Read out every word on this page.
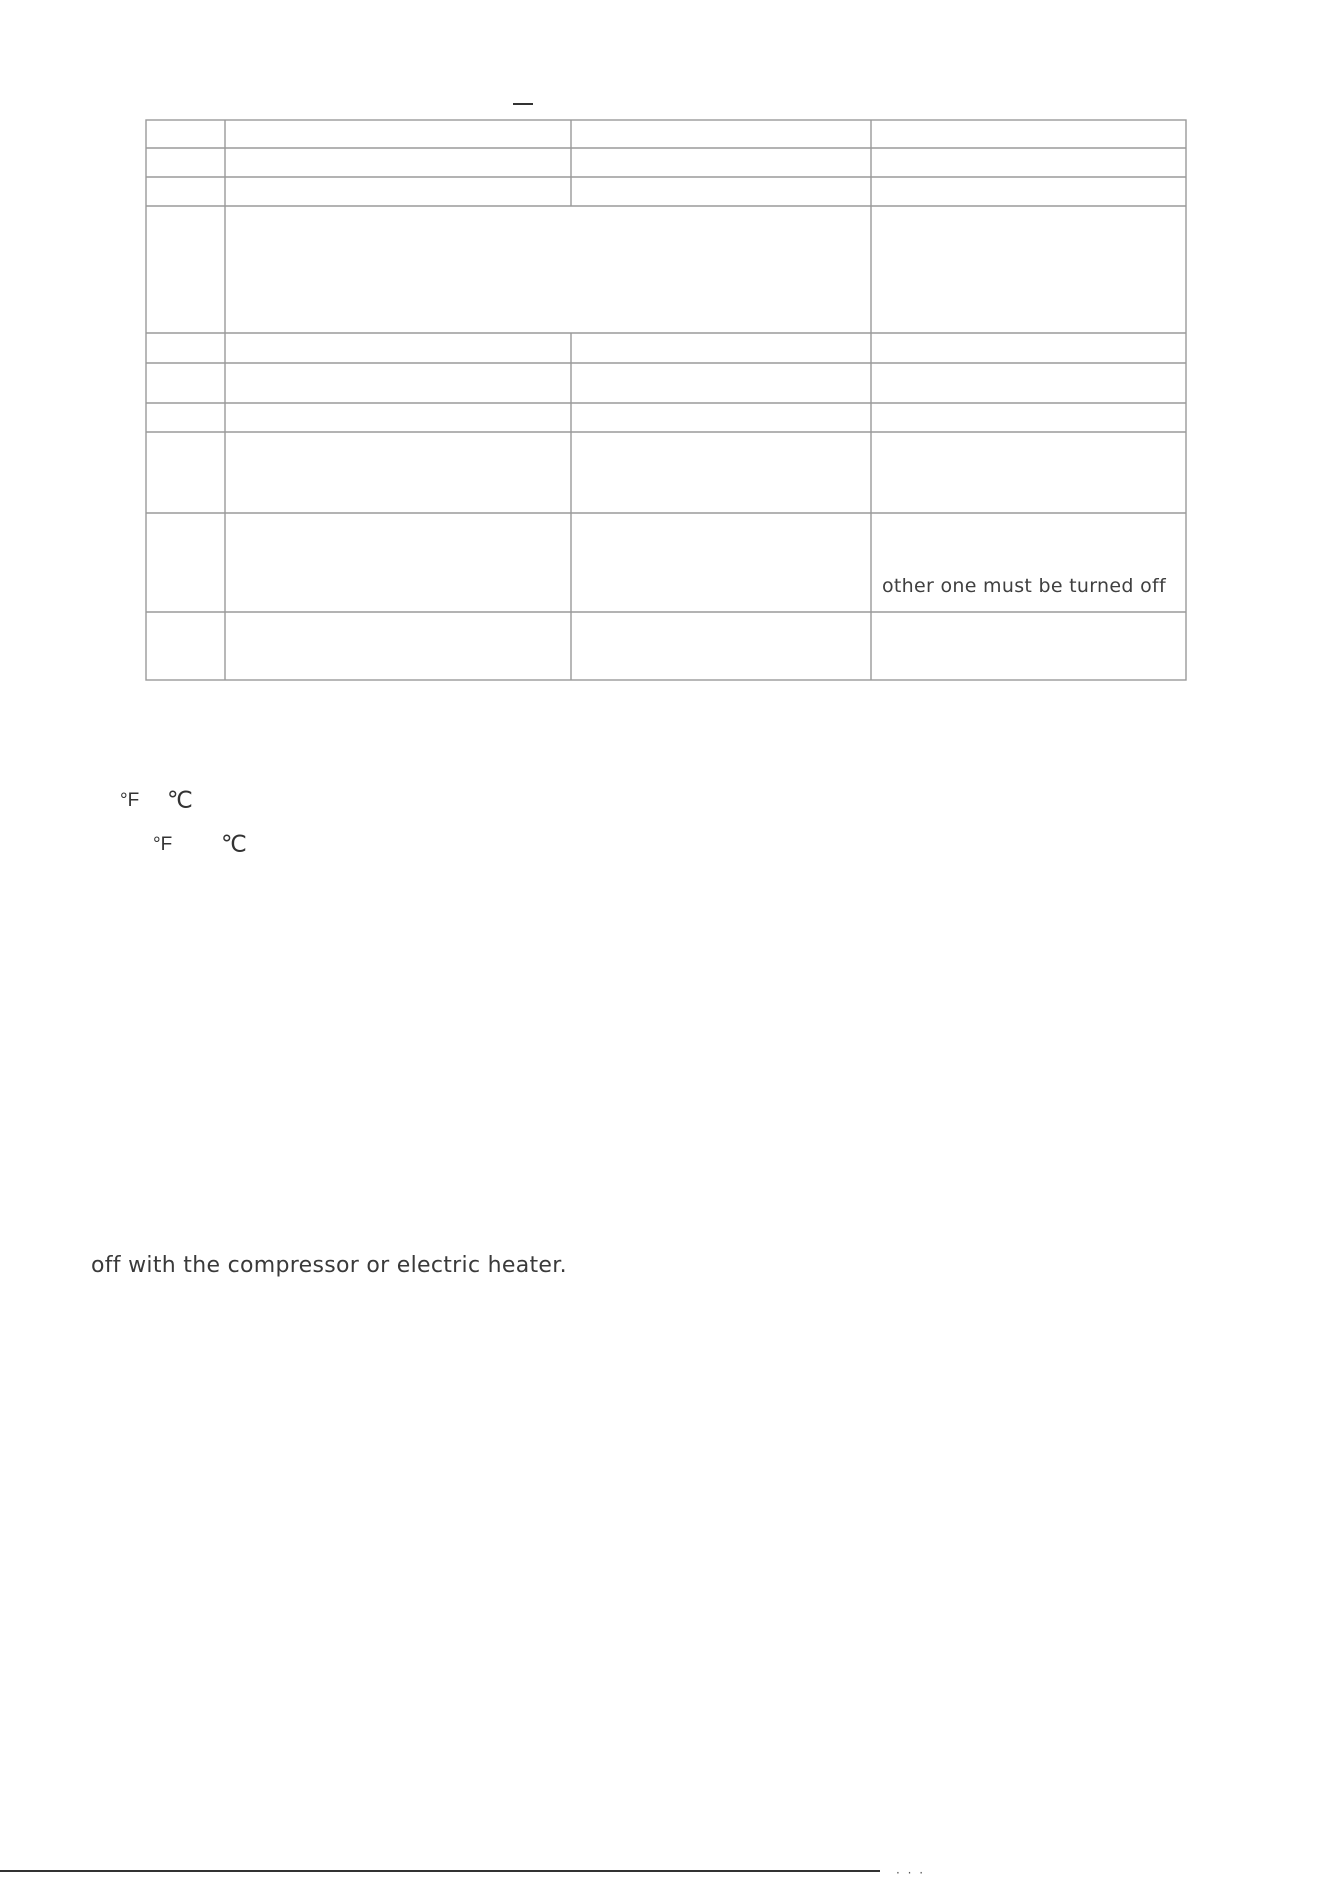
other one must be turned off
°F ℃
°F ℃
off with the compressor or electric heater.
· · ·
